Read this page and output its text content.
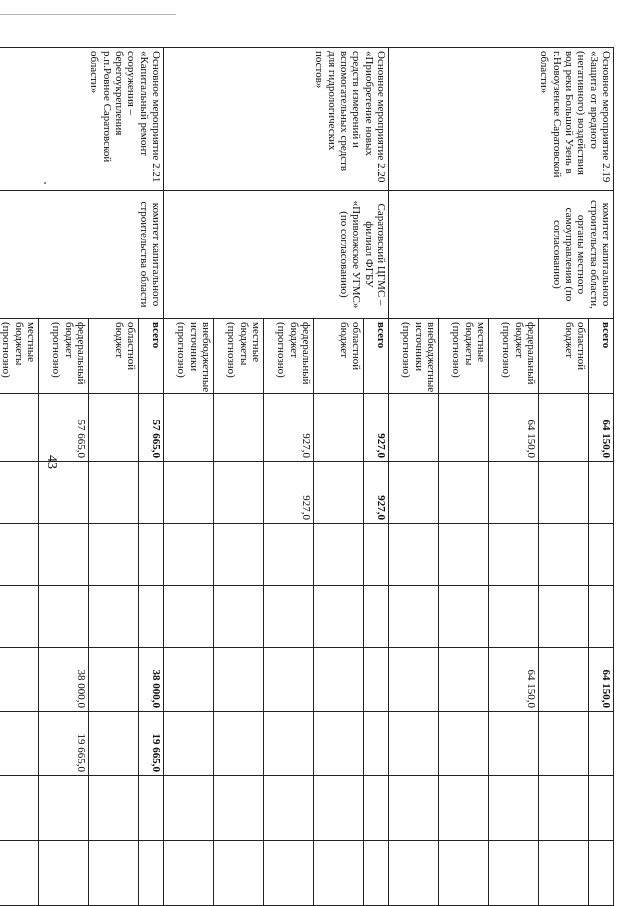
43
Основное мероприятие 2.19 «Защита от вредного (негативного) воздействия вод реки Большой Узень в г.Новоузенске Саратовской области»	комитет капитального строительства области, органы местного самоуправления (по согласованию)	всего	64 150,0				64 150,0			
		областной бюджет								
		федеральный бюджет (прогнозно)	64 150,0				64 150,0			
		местные бюджеты (прогнозно)								
		внебюджетные источники (прогнозно)								
Основное мероприятие 2.20 «Приобретение новых средств измерений и вспомогательных средств для гидрологических постов»	Саратовский ЦГМС – филиал ФГБУ «Приволжское УГМС» (по согласованию)	всего	927,0	927,0						
		областной бюджет								
		федеральный бюджет (прогнозно)	927,0	927,0						
		местные бюджеты (прогнозно)								
		внебюджетные источники (прогнозно)								
Основное мероприятие 2.21 «Капитальный ремонт сооружения – берегоукрепления р.п.Ровное Саратовской области»	комитет капитального строительства области	всего	57 665,0				38 000,0	19 665,0		
		областной бюджет								
		федеральный бюджет (прогнозно)	57 665,0				38 000,0	19 665,0		
		местные бюджеты (прогнозно)								
